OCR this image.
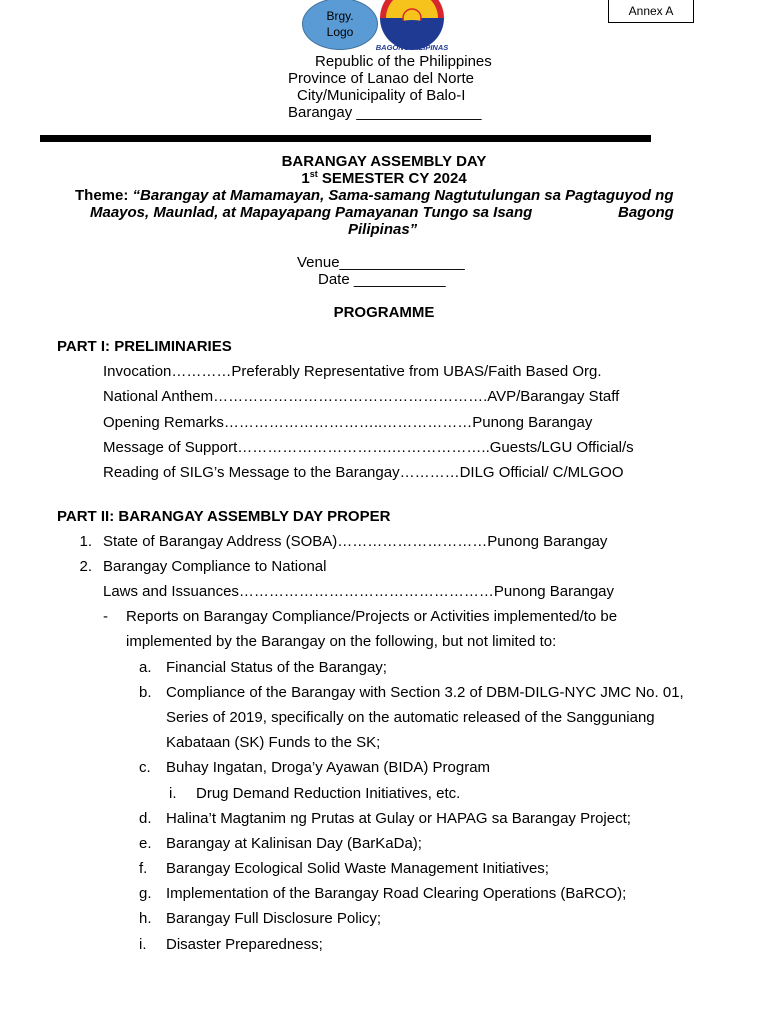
Brgy.
Logo
BAGONG PILIPINAS
Annex A
Republic of the Philippines
Province of Lanao del Norte
City/Municipality of Balo-I
Barangay _______________
BARANGAY ASSEMBLY DAY
1st SEMESTER CY 2024
Theme: “Barangay at Mamamayan, Sama-samang Nagtutulungan sa Pagtaguyod ng
Maayos, Maunlad, at Mapayapang Pamayanan Tungo sa Isang	Bagong
Pilipinas”
Venue_______________
Date ___________
PROGRAMME
PART I: PRELIMINARIES
Invocation…………Preferably Representative from UBAS/Faith Based Org.
National Anthem……………………………………………….AVP/Barangay Staff
Opening Remarks…………………………..………………Punong Barangay
Message of Support………………………….………………..Guests/LGU Official/s
Reading of SILG’s Message to the Barangay…………DILG Official/ C/MLGOO
PART II: BARANGAY ASSEMBLY DAY PROPER
1. State of Barangay Address (SOBA)…………………………Punong Barangay
2. Barangay Compliance to National
Laws and Issuances……………………………………………Punong Barangay
- Reports on Barangay Compliance/Projects or Activities implemented/to be
implemented by the Barangay on the following, but not limited to:
a. Financial Status of the Barangay;
b. Compliance of the Barangay with Section 3.2 of DBM-DILG-NYC JMC No. 01,
Series of 2019, specifically on the automatic released of the Sangguniang
Kabataan (SK) Funds to the SK;
c. Buhay Ingatan, Droga’y Ayawan (BIDA) Program
i. Drug Demand Reduction Initiatives, etc.
d. Halina’t Magtanim ng Prutas at Gulay or HAPAG sa Barangay Project;
e. Barangay at Kalinisan Day (BarKaDa);
f. Barangay Ecological Solid Waste Management Initiatives;
g. Implementation of the Barangay Road Clearing Operations (BaRCO);
h. Barangay Full Disclosure Policy;
i. Disaster Preparedness;
